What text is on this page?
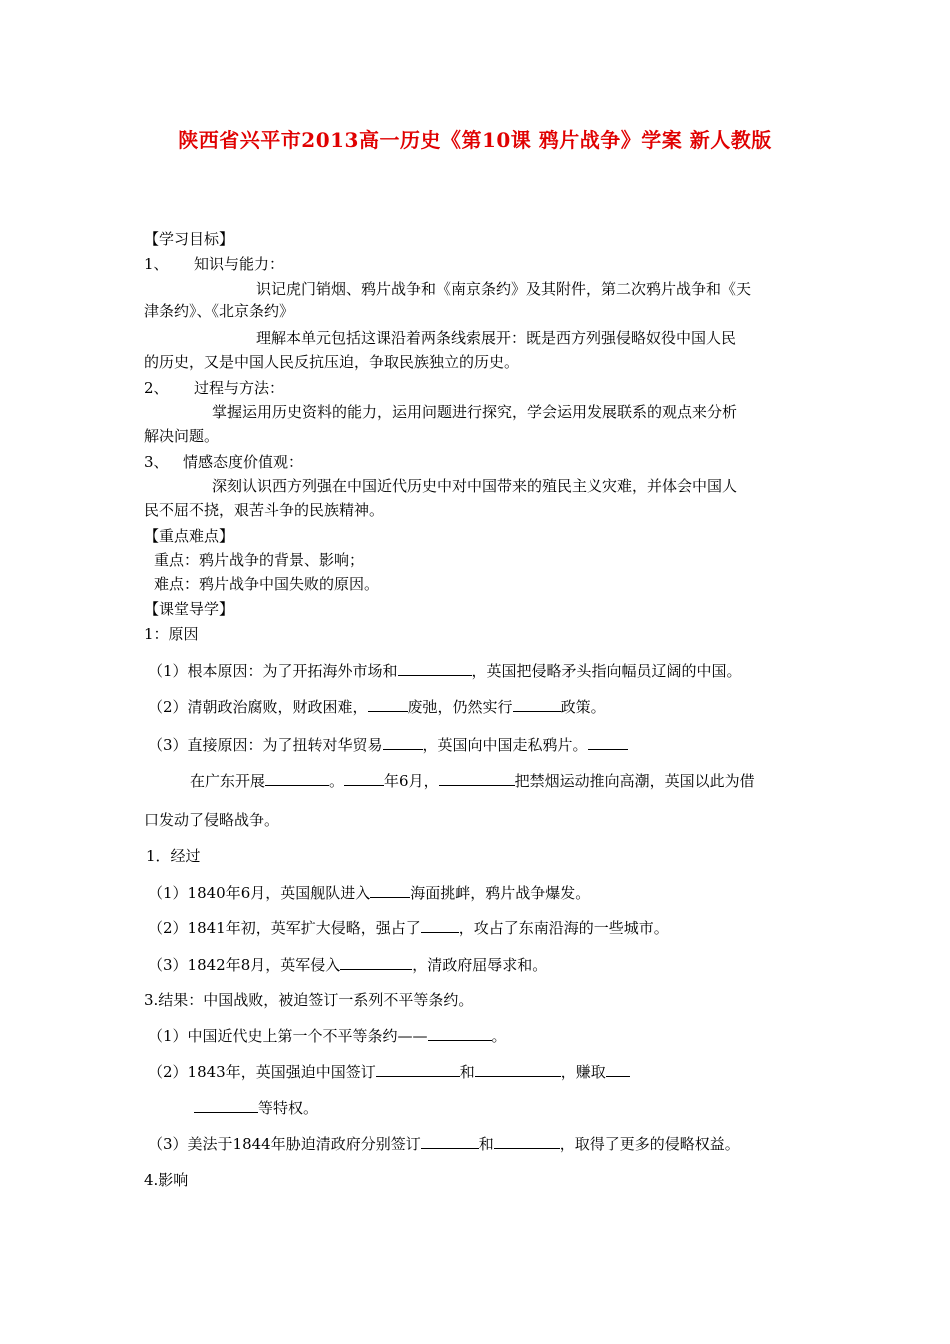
陕西省兴平市2013高一历史《第10课 鸦片战争》学案 新人教版
【学习目标】
1、 知识与能力：
识记虎门销烟、鸦片战争和《南京条约》及其附件，第二次鸦片战争和《天
津条约》、《北京条约》
理解本单元包括这课沿着两条线索展开：既是西方列强侵略奴役中国人民
的历史，又是中国人民反抗压迫，争取民族独立的历史。
2、 过程与方法：
掌握运用历史资料的能力，运用问题进行探究，学会运用发展联系的观点来分析
解决问题。
3、 情感态度价值观：
深刻认识西方列强在中国近代历史中对中国带来的殖民主义灾难，并体会中国人
民不屈不挠，艰苦斗争的民族精神。
【重点难点】
重点：鸦片战争的背景、影响；
难点：鸦片战争中国失败的原因。
【课堂导学】
1：原因
（1）根本原因：为了开拓海外市场和	，英国把侵略矛头指向幅员辽阔的中国。
（2）清朝政治腐败，财政困难，	废弛，仍然实行	政策。
（3）直接原因：为了扭转对华贸易	，英国向中国走私鸦片。
在广东开展	。	年6月，	把禁烟运动推向高潮，英国以此为借
口发动了侵略战争。
1．经过
（1）1840年6月，英国舰队进入	海面挑衅，鸦片战争爆发。
（2）1841年初，英军扩大侵略，强占了	，攻占了东南沿海的一些城市。
（3）1842年8月，英军侵入	，清政府屈辱求和。
3.结果：中国战败，被迫签订一系列不平等条约。
（1）中国近代史上第一个不平等条约——	。
（2）1843年，英国强迫中国签订	和	，赚取
等特权。
（3）美法于1844年胁迫清政府分别签订	和	，取得了更多的侵略权益。
4.影响
